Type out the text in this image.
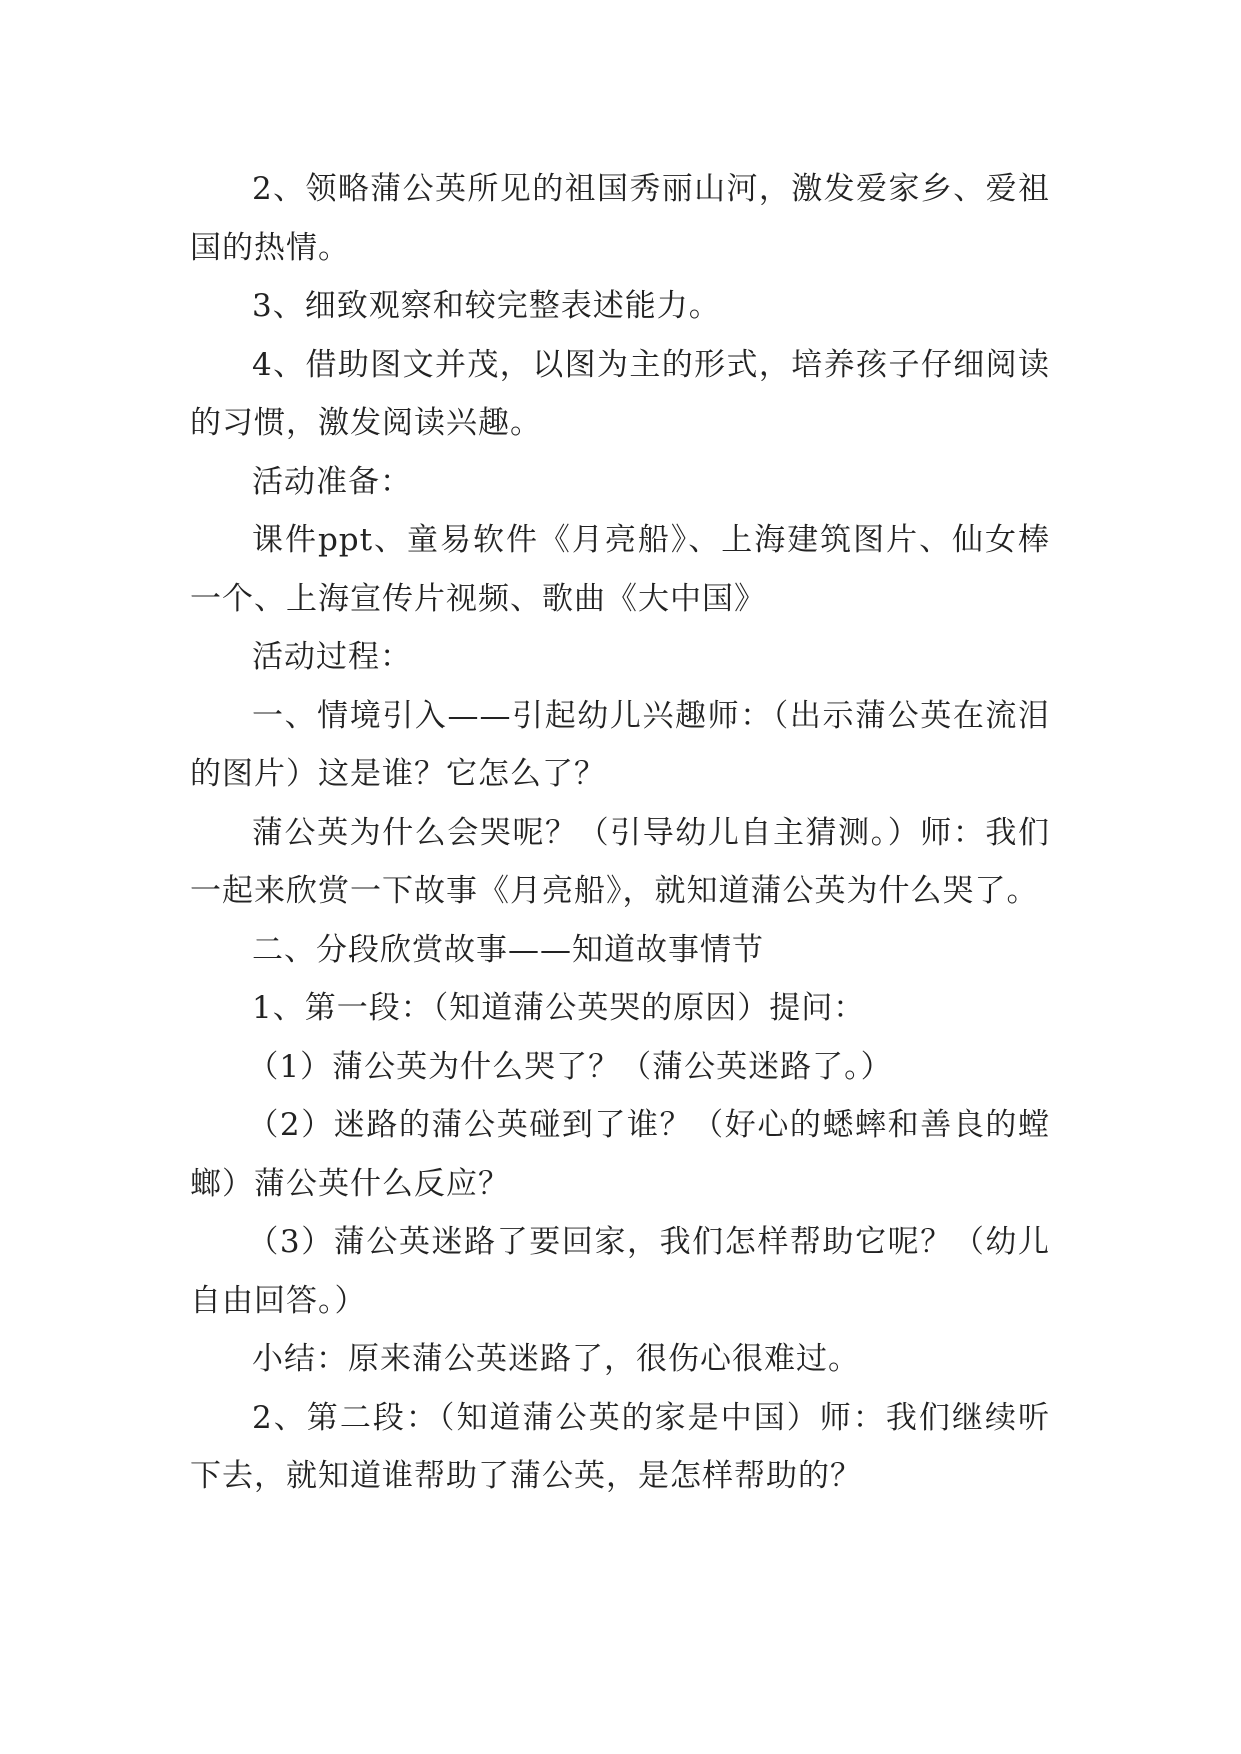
2、领略蒲公英所见的祖国秀丽山河，激发爱家乡、爱祖国的热情。

3、细致观察和较完整表述能力。

4、借助图文并茂，以图为主的形式，培养孩子仔细阅读的习惯，激发阅读兴趣。

活动准备：

课件ppt、童易软件《月亮船》、上海建筑图片、仙女棒一个、上海宣传片视频、歌曲《大中国》

活动过程：

一、情境引入——引起幼儿兴趣师：（出示蒲公英在流泪的图片）这是谁？它怎么了？

蒲公英为什么会哭呢？（引导幼儿自主猜测。）师：我们一起来欣赏一下故事《月亮船》，就知道蒲公英为什么哭了。

二、分段欣赏故事——知道故事情节

1、第一段：（知道蒲公英哭的原因）提问：

（1）蒲公英为什么哭了？（蒲公英迷路了。）

（2）迷路的蒲公英碰到了谁？（好心的蟋蟀和善良的螳螂）蒲公英什么反应？

（3）蒲公英迷路了要回家，我们怎样帮助它呢？（幼儿自由回答。）

小结：原来蒲公英迷路了，很伤心很难过。

2、第二段：（知道蒲公英的家是中国）师：我们继续听下去，就知道谁帮助了蒲公英，是怎样帮助的？
